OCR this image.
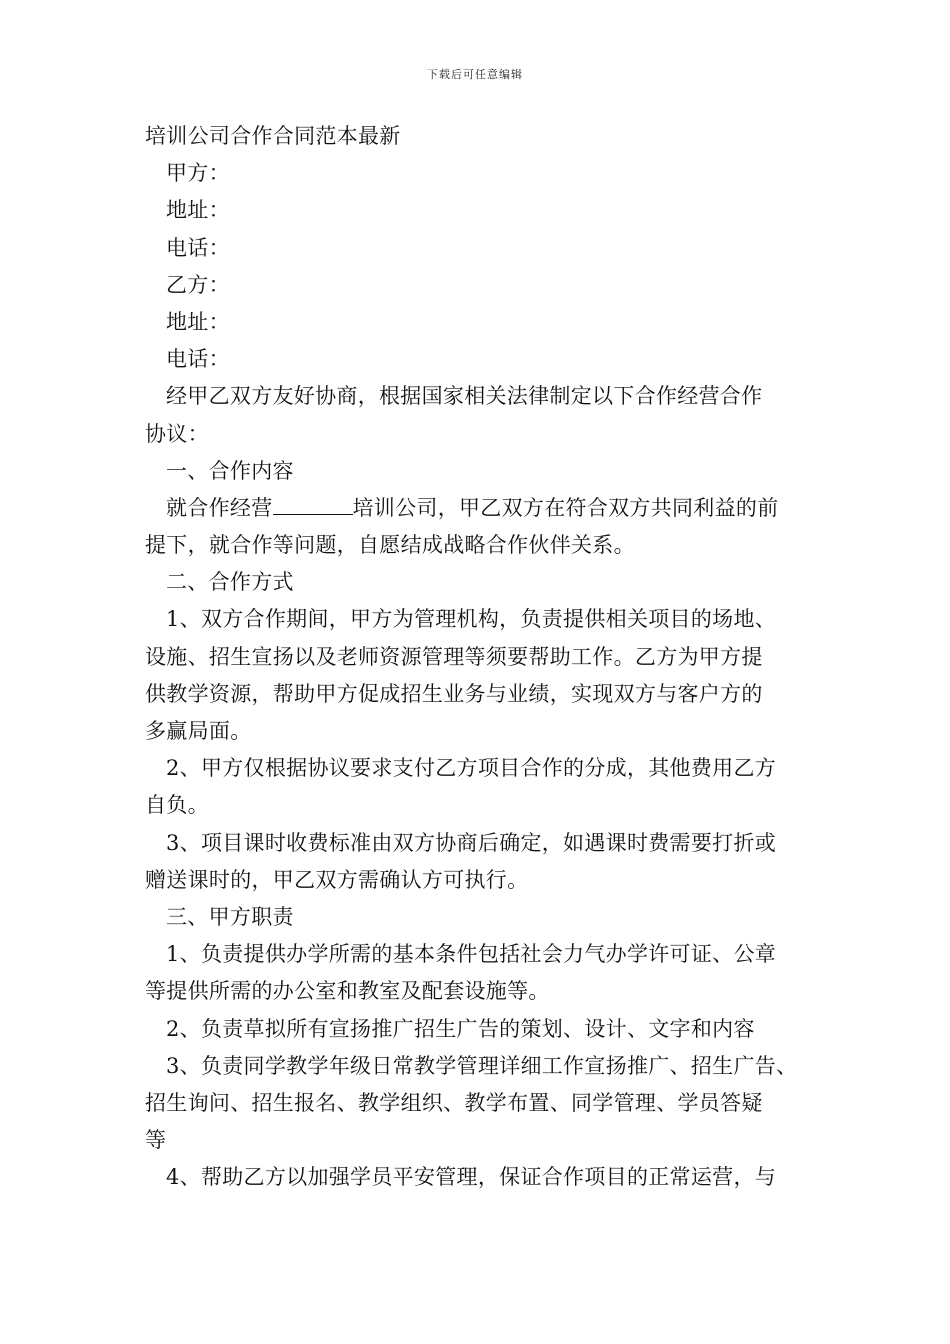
下载后可任意编辑
培训公司合作合同范本最新
甲方：
地址：
电话：
乙方：
地址：
电话：
经甲乙双方友好协商，根据国家相关法律制定以下合作经营合作
协议：
一、合作内容
就合作经营	培训公司，甲乙双方在符合双方共同利益的前
提下，就合作等问题，自愿结成战略合作伙伴关系。
二、合作方式
1、双方合作期间，甲方为管理机构，负责提供相关项目的场地、
设施、招生宣扬以及老师资源管理等须要帮助工作。乙方为甲方提
供教学资源，帮助甲方促成招生业务与业绩，实现双方与客户方的
多赢局面。
2、甲方仅根据协议要求支付乙方项目合作的分成，其他费用乙方
自负。
3、项目课时收费标准由双方协商后确定，如遇课时费需要打折或
赠送课时的，甲乙双方需确认方可执行。
三、甲方职责
1、负责提供办学所需的基本条件包括社会力气办学许可证、公章
等提供所需的办公室和教室及配套设施等。
2、负责草拟所有宣扬推广招生广告的策划、设计、文字和内容
3、负责同学教学年级日常教学管理详细工作宣扬推广、招生广告、
招生询问、招生报名、教学组织、教学布置、同学管理、学员答疑
等
4、帮助乙方以加强学员平安管理，保证合作项目的正常运营，与
